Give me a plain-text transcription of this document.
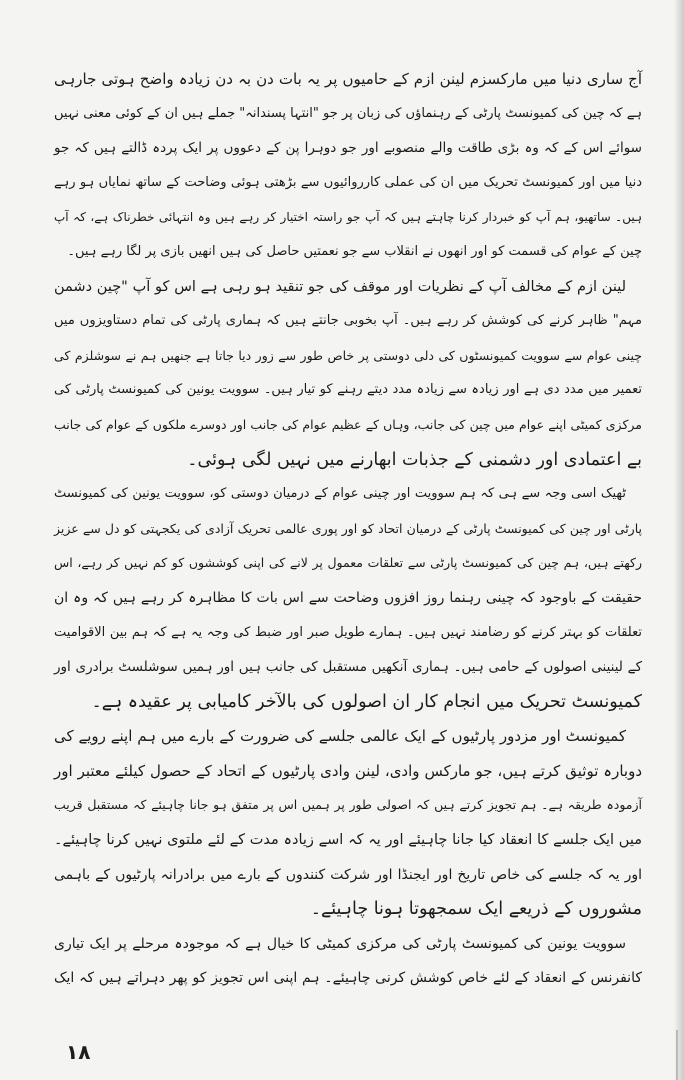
آج ساری دنیا میں مارکسزم لینن ازم کے حامیوں پر یہ بات دن بہ دن زیادہ واضح ہوتی جارہی
ہے کہ چین کی کمیونسٹ پارٹی کے رہنماؤں کی زبان پر جو "انتہا پسندانہ" جملے ہیں ان کے کوئی معنی نہیں
سوائے اس کے کہ وہ بڑی طاقت والے منصوبے اور جو دوہرا پن کے دعووں پر ایک پردہ ڈالتے ہیں کہ جو
دنیا میں اور کمیونسٹ تحریک میں ان کی عملی کارروائیوں سے بڑھتی ہوئی وضاحت کے ساتھ نمایاں ہو رہے
ہیں۔ ساتھیو، ہم آپ کو خبردار کرنا چاہتے ہیں کہ آپ جو راستہ اختیار کر رہے ہیں وہ انتہائی خطرناک ہے، کہ آپ
چین کے عوام کی قسمت کو اور انھوں نے انقلاب سے جو نعمتیں حاصل کی ہیں انھیں بازی پر لگا رہے ہیں۔
لینن ازم کے مخالف آپ کے نظریات اور موقف کی جو تنقید ہو رہی ہے اس کو آپ "چین دشمن
مہم" ظاہر کرنے کی کوشش کر رہے ہیں۔ آپ بخوبی جانتے ہیں کہ ہماری پارٹی کی تمام دستاویزوں میں
چینی عوام سے سوویت کمیونسٹوں کی دلی دوستی پر خاص طور سے زور دیا جاتا ہے جنھیں ہم نے سوشلزم کی
تعمیر میں مدد دی ہے اور زیادہ سے زیادہ مدد دیتے رہنے کو تیار ہیں۔ سوویت یونین کی کمیونسٹ پارٹی کی
مرکزی کمیٹی اپنے عوام میں چین کی جانب، وہاں کے عظیم عوام کی جانب اور دوسرے ملکوں کے عوام کی جانب
بے اعتمادی اور دشمنی کے جذبات ابھارنے میں نہیں لگی ہوئی۔
ٹھیک اسی وجہ سے ہی کہ ہم سوویت اور چینی عوام کے درمیان دوستی کو، سوویت یونین کی کمیونسٹ
پارٹی اور چین کی کمیونسٹ پارٹی کے درمیان اتحاد کو اور پوری عالمی تحریک آزادی کی یکجہتی کو دل سے عزیز
رکھتے ہیں، ہم چین کی کمیونسٹ پارٹی سے تعلقات معمول پر لانے کی اپنی کوششوں کو کم نہیں کر رہے، اس
حقیقت کے باوجود کہ چینی رہنما روز افزوں وضاحت سے اس بات کا مظاہرہ کر رہے ہیں کہ وہ ان
تعلقات کو بہتر کرنے کو رضامند نہیں ہیں۔ ہمارے طویل صبر اور ضبط کی وجہ یہ ہے کہ ہم بین الاقوامیت
کے لینینی اصولوں کے حامی ہیں۔ ہماری آنکھیں مستقبل کی جانب ہیں اور ہمیں سوشلسٹ برادری اور
کمیونسٹ تحریک میں انجام کار ان اصولوں کی بالآخر کامیابی پر عقیدہ ہے۔
کمیونسٹ اور مزدور پارٹیوں کے ایک عالمی جلسے کی ضرورت کے بارے میں ہم اپنے رویے کی
دوبارہ توثیق کرتے ہیں، جو مارکس وادی، لینن وادی پارٹیوں کے اتحاد کے حصول کیلئے معتبر اور
آزمودہ طریقہ ہے۔ ہم تجویز کرتے ہیں کہ اصولی طور پر ہمیں اس پر متفق ہو جانا چاہیئے کہ مستقبل قریب
میں ایک جلسے کا انعقاد کیا جانا چاہیئے اور یہ کہ اسے زیادہ مدت کے لئے ملتوی نہیں کرنا چاہیئے۔
اور یہ کہ جلسے کی خاص تاریخ اور ایجنڈا اور شرکت کنندوں کے بارے میں برادرانہ پارٹیوں کے باہمی
مشوروں کے ذریعے ایک سمجھوتا ہونا چاہیئے۔
سوویت یونین کی کمیونسٹ پارٹی کی مرکزی کمیٹی کا خیال ہے کہ موجودہ مرحلے پر ایک تیاری
کانفرنس کے انعقاد کے لئے خاص کوشش کرنی چاہیئے۔ ہم اپنی اس تجویز کو پھر دہراتے ہیں کہ ایک
۱۸
